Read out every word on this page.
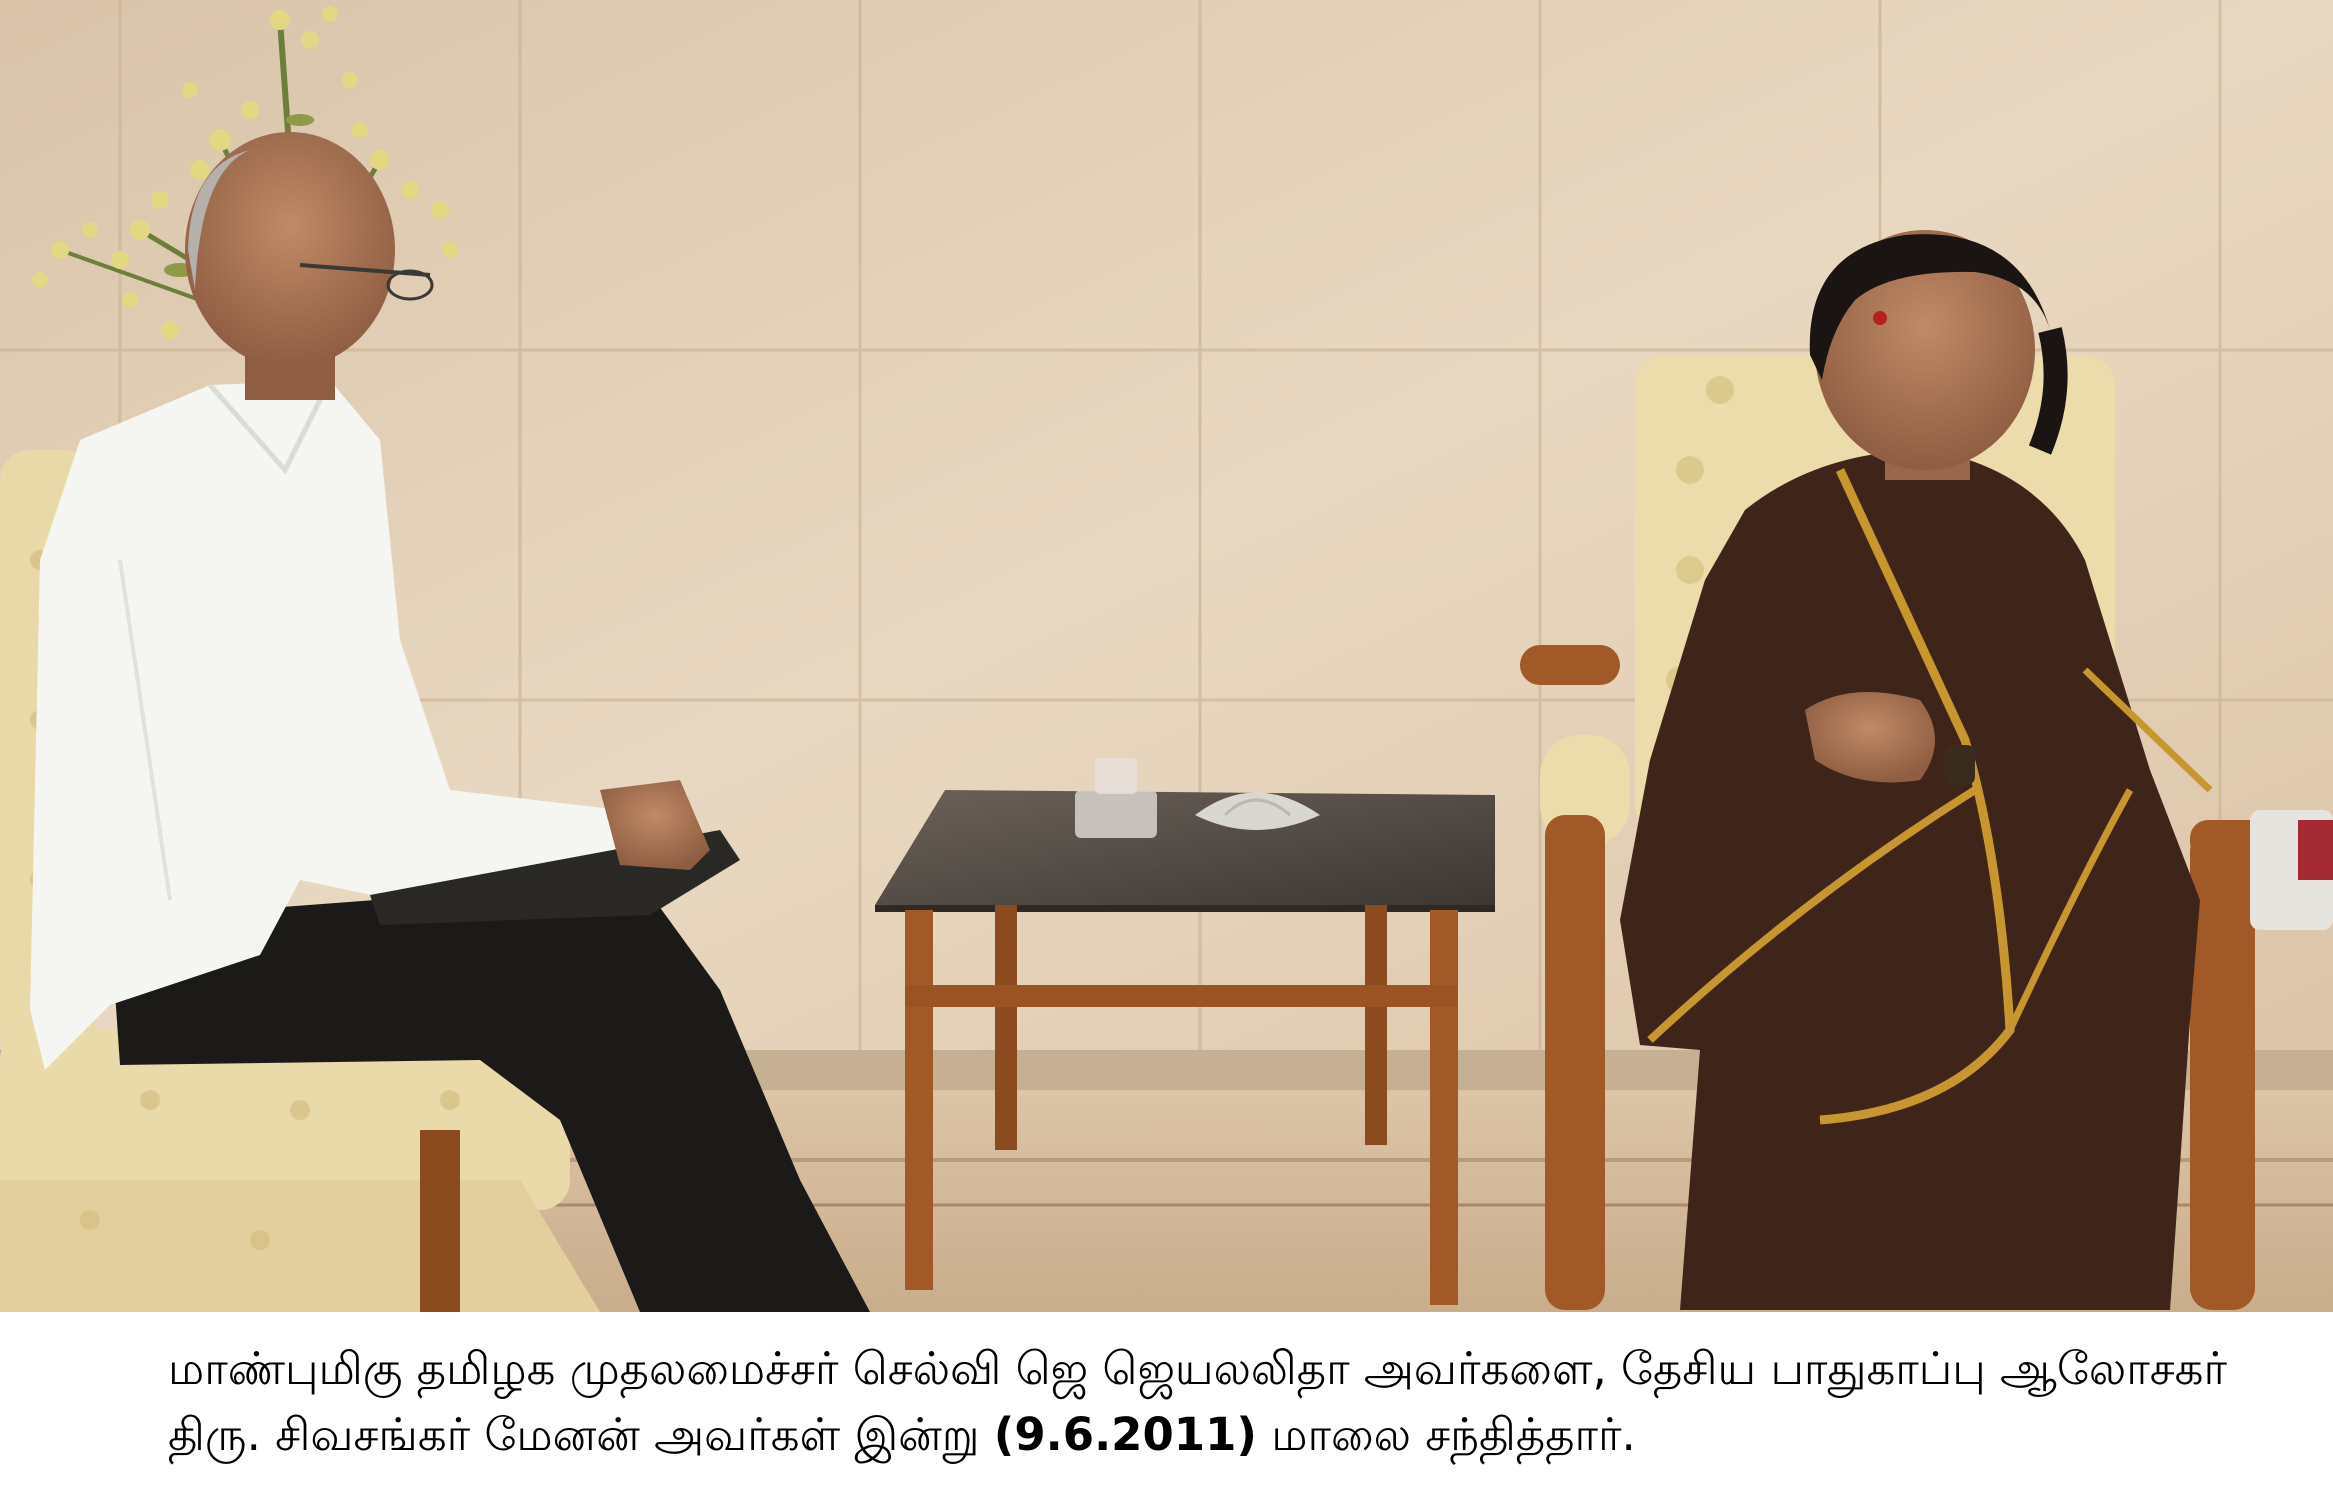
மாண்புமிகு தமிழக முதலமைச்சர் செல்வி ஜெ ஜெயலலிதா அவர்களை, தேசிய பாதுகாப்பு ஆலோசகர்
திரு. சிவசங்கர் மேனன் அவர்கள் இன்று (9.6.2011) மாலை சந்தித்தார்.
